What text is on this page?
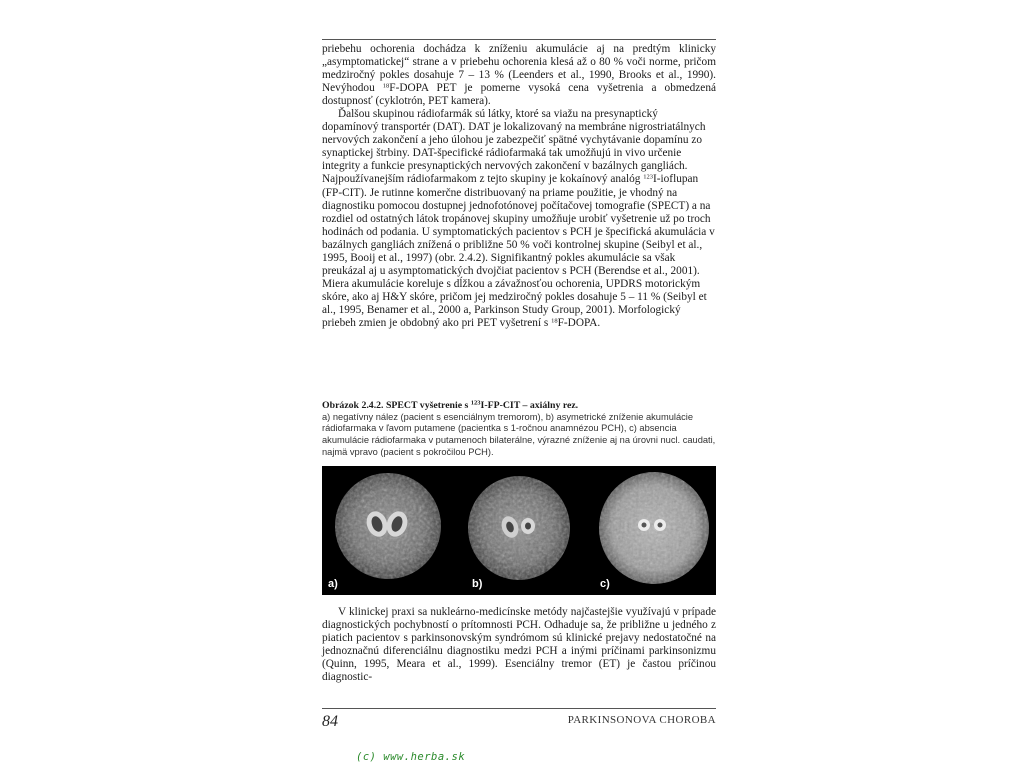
priebehu ochorenia dochádza k zníženiu akumulácie aj na predtým klinicky „asymptomatickej“ strane a v priebehu ochorenia klesá až o 80 % voči norme, pričom medziročný pokles dosahuje 7 – 13 % (Leenders et al., 1990, Brooks et al., 1990). Nevýhodou $^{18}$F-DOPA PET je pomerne vysoká cena vyšetrenia a obmedzená dostupnosť (cyklotrón, PET kamera).

Ďalšou skupinou rádiofarmák sú látky, ktoré sa viažu na presynaptický dopamínový transportér (DAT). DAT je lokalizovaný na membráne nigrostriatálnych nervových zakončení a jeho úlohou je zabezpečiť spätné vychytávanie dopamínu zo synaptickej štrbiny. DAT-špecifické rádiofarmaká tak umožňujú in vivo určenie integrity a funkcie presynaptických nervových zakončení v bazálnych gangliách. Najpoužívanejším rádiofarmakom z tejto skupiny je kokaínový analóg $^{123}$I-ioflupan (FP-CIT). Je rutinne komerčne distribuovaný na priame použitie, je vhodný na diagnostiku pomocou dostupnej jednofotónovej počítačovej tomografie (SPECT) a na rozdiel od ostatných látok tropánovej skupiny umožňuje urobiť vyšetrenie už po troch hodinách od podania. U symptomatických pacientov s PCH je špecifická akumulácia v bazálnych gangliách znížená o približne 50 % voči kontrolnej skupine (Seibyl et al., 1995, Booij et al., 1997) (obr. 2.4.2). Signifikantný pokles akumulácie sa však preukázal aj u asymptomatických dvojčiat pacientov s PCH (Berendse et al., 2001). Miera akumulácie koreluje s dĺžkou a závažnosťou ochorenia, UPDRS motorickým skóre, ako aj H&Y skóre, pričom jej medziročný pokles dosahuje 5 – 11 % (Seibyl et al., 1995, Benamer et al., 2000 a, Parkinson Study Group, 2001). Morfologický priebeh zmien je obdobný ako pri PET vyšetrení s $^{18}$F-DOPA.

Obrázok 2.4.2. SPECT vyšetrenie s $^{123}$I-FP-CIT – axiálny rez.
a) negatívny nález (pacient s esenciálnym tremorom), b) asymetrické zníženie akumulácie rádiofarmaka v ľavom putamene (pacientka s 1-ročnou anamnézou PCH), c) absencia akumulácie rádiofarmaka v putamenoch bilaterálne, výrazné zníženie aj na úrovni nucl. caudati, najmä vpravo (pacient s pokročilou PCH).
a)	b)	c)

V klinickej praxi sa nukleárno-medicínske metódy najčastejšie využívajú v prípade diagnostických pochybností o prítomnosti PCH. Odhaduje sa, že približne u jedného z piatich pacientov s parkinsonovským syndrómom sú klinické prejavy nedostatočné na jednoznačnú diferenciálnu diagnostiku medzi PCH a inými príčinami parkinsonizmu (Quinn, 1995, Meara et al., 1999). Esenciálny tremor (ET) je častou príčinou diagnostic-

84	PARKINSONOVA CHOROBA
(c) www.herba.sk
